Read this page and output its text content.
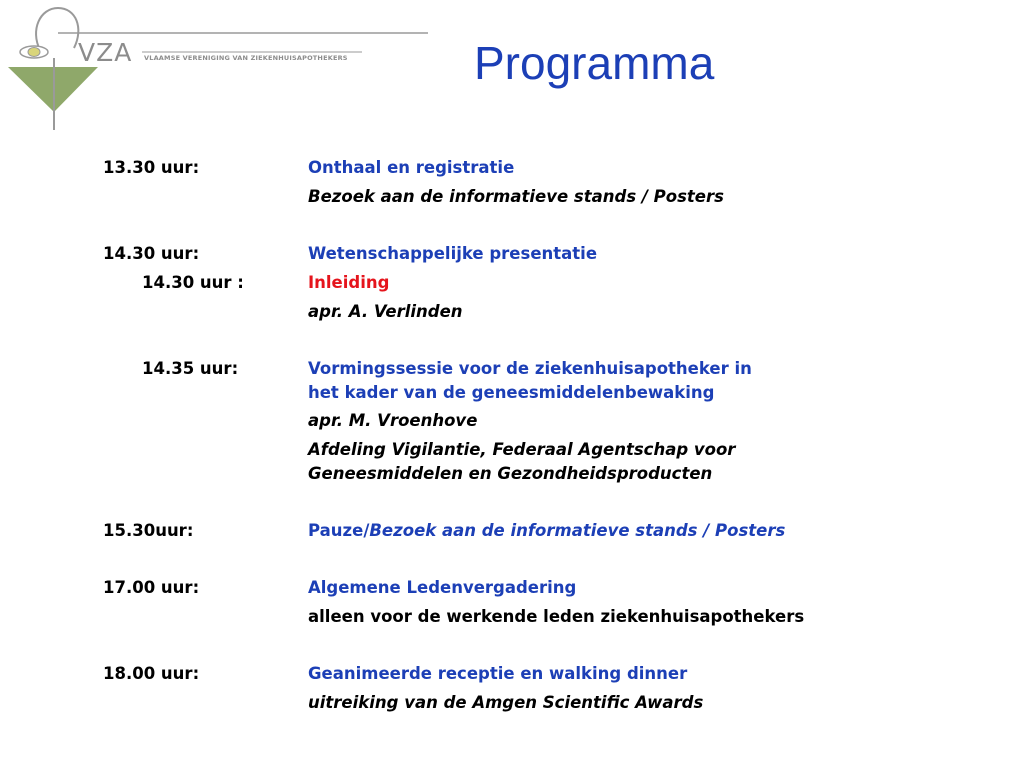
VZA VLAAMSE VERENIGING VAN ZIEKENHUISAPOTHEKERS	Programma
13.30 uur:	Onthaal en registratie
Bezoek aan de informatieve stands / Posters
14.30 uur:	Wetenschappelijke presentatie
14.30 uur :	Inleiding
apr. A. Verlinden
14.35 uur:	Vormingssessie voor de ziekenhuisapotheker in
het kader van de geneesmiddelenbewaking
apr. M. Vroenhove
Afdeling Vigilantie, Federaal Agentschap voor
Geneesmiddelen en Gezondheidsproducten
15.30uur:	Pauze/Bezoek aan de informatieve stands / Posters
17.00 uur:	Algemene Ledenvergadering
alleen voor de werkende leden ziekenhuisapothekers
18.00 uur:	Geanimeerde receptie en walking dinner
uitreiking van de Amgen Scientific Awards
